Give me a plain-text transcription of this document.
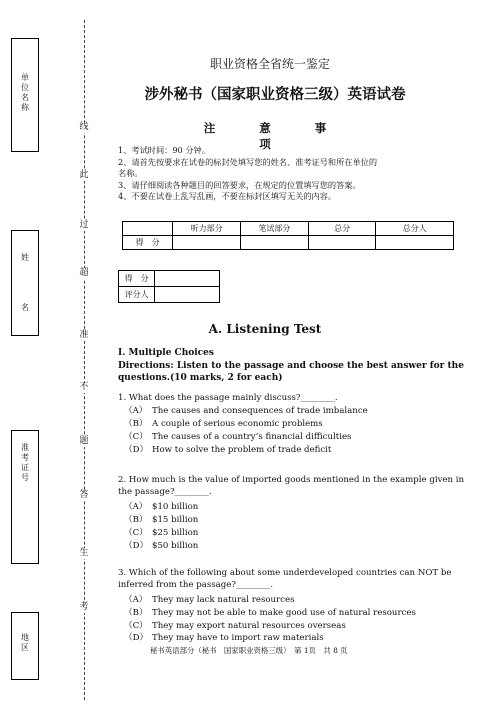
单
位
名
称
姓
名
准
考
证
号
地
区
线
此
过
超
准
不
题
答
生
考
职业资格全省统一鉴定
涉外秘书（国家职业资格三级）英语试卷
注 意 事 项
1、考试时间：90 分钟。
2、请首先按要求在试卷的标封处填写您的姓名、准考证号和所在单位的
名称。
3、请仔细阅读各种题目的回答要求，在规定的位置填写您的答案。
4、不要在试卷上乱写乱画，不要在标封区填写无关的内容。
	听力部分	笔试部分	总分	总分人
得　分				
得　分	
评分人	
A. Listening Test
I. Multiple Choices
Directions: Listen to the passage and choose the best answer for the questions.(10 marks, 2 for each)
1. What does the passage mainly discuss?________.
（A） The causes and consequences of trade imbalance
（B） A couple of serious economic problems
（C） The causes of a country’s financial difficulties
（D） How to solve the problem of trade deficit
2. How much is the value of imported goods mentioned in the example given in the passage?________.
（A） $10 billion
（B） $15 billion
（C） $25 billion
（D） $50 billion
3. Which of the following about some underdeveloped countries can NOT be inferred from the passage?________.
（A） They may lack natural resources
（B） They may not be able to make good use of natural resources
（C） They may export natural resources overseas
（D） They may have to import raw materials
秘书英语部分（秘书　国家职业资格三级）　第 1页　共 8 页
